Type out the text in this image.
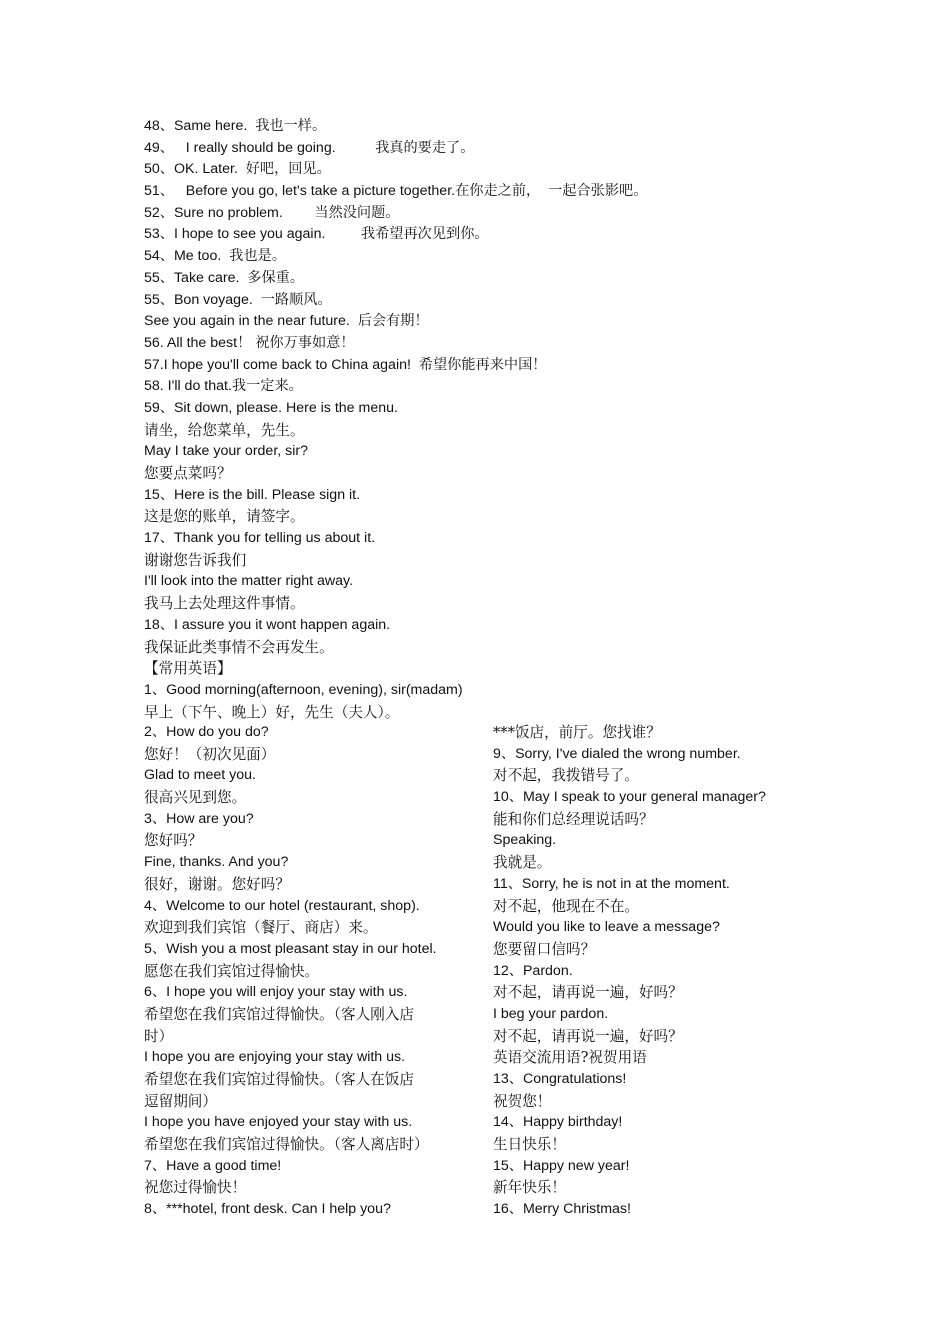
48、Same here.  我也一样。
49、   I really should be going.          我真的要走了。
50、OK. Later.  好吧，回见。
51、   Before you go, let's take a picture together.在你走之前，  一起合张影吧。
52、Sure no problem.        当然没问题。
53、I hope to see you again.         我希望再次见到你。
54、Me too.  我也是。
55、Take care.  多保重。
55、Bon voyage.  一路顺风。
See you again in the near future.  后会有期！
56. All the best！ 祝你万事如意！
57.I hope you'll come back to China again!  希望你能再来中国！
58. I'll do that.我一定来。
59、Sit down, please. Here is the menu.
请坐，给您菜单，先生。
May I take your order, sir?
您要点菜吗？
15、Here is the bill. Please sign it.
这是您的账单，请签字。
17、Thank you for telling us about it.
谢谢您告诉我们
I'll look into the matter right away.
我马上去处理这件事情。
18、I assure you it wont happen again.
我保证此类事情不会再发生。
【常用英语】
1、Good morning(afternoon, evening), sir(madam)
早上（下午、晚上）好，先生（夫人）。
2、How do you do?
您好！（初次见面）
Glad to meet you.
很高兴见到您。
3、How are you?
您好吗？
Fine, thanks. And you?
很好，谢谢。您好吗？
4、Welcome to our hotel (restaurant, shop).
欢迎到我们宾馆（餐厅、商店）来。
5、Wish you a most pleasant stay in our hotel.
愿您在我们宾馆过得愉快。
6、I hope you will enjoy your stay with us.
希望您在我们宾馆过得愉快。（客人刚入店
时）
I hope you are enjoying your stay with us.
希望您在我们宾馆过得愉快。（客人在饭店
逗留期间）
I hope you have enjoyed your stay with us.
希望您在我们宾馆过得愉快。（客人离店时）
7、Have a good time!
祝您过得愉快！
8、***hotel, front desk. Can I help you?
***饭店，前厅。您找谁？
9、Sorry, I've dialed the wrong number.
对不起，我拨错号了。
10、May I speak to your general manager?
能和你们总经理说话吗？
Speaking.
我就是。
11、Sorry, he is not in at the moment.
对不起，他现在不在。
Would you like to leave a message?
您要留口信吗？
12、Pardon.
对不起，请再说一遍，好吗？
I beg your pardon.
对不起，请再说一遍，好吗？
英语交流用语?祝贺用语
13、Congratulations!
祝贺您！
14、Happy birthday!
生日快乐！
15、Happy new year!
新年快乐！
16、Merry Christmas!
